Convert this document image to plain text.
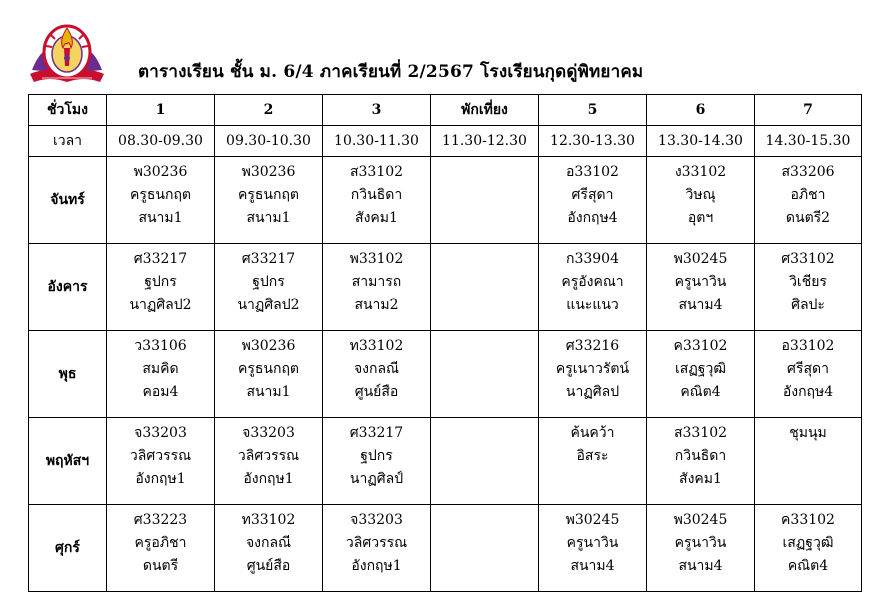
ตารางเรียน ชั้น ม. 6/4 ภาคเรียนที่ 2/2567 โรงเรียนกุดดู่พิทยาคม
ชั่วโมง	1	2	3	พักเที่ยง	5	6	7
เวลา	08.30-09.30	09.30-10.30	10.30-11.30	11.30-12.30	12.30-13.30	13.30-14.30	14.30-15.30
จันทร์	พ30236
ครูธนกฤต
สนาม1	พ30236
ครูธนกฤต
สนาม1	ส33102
กวินธิดา
สังคม1		อ33102
ศรีสุดา
อังกฤษ4	ง33102
วิษณุ
อุตฯ	ส33206
อภิชา
ดนตรี2

อังคาร	ศ33217
ฐปกร
นาฏศิลป2	ศ33217
ฐปกร
นาฏศิลป2	พ33102
สามารถ
สนาม2		ก33904
ครูอังคณา
แนะแนว	พ30245
ครูนาวิน
สนาม4	ศ33102
วิเชียร
ศิลปะ

พุธ	ว33106
สมคิด
คอม4	พ30236
ครูธนกฤต
สนาม1	ท33102
จงกลณี
ศูนย์สือ		ศ33216
ครูเนาวรัตน์
นาฏศิลป	ค33102
เสฏฐวุฒิ
คณิต4	อ33102
ศรีสุดา
อังกฤษ4

พฤหัสฯ	จ33203
วลิศวรรณ
อังกฤษ1	จ33203
วลิศวรรณ
อังกฤษ1	ศ33217
ฐปกร
นาฏศิลป์		ค้นคว้า
อิสระ	ส33102
กวินธิดา
สังคม1	ชุมนุม

ศุกร์	ศ33223
ครูอภิชา
ดนตรี	ท33102
จงกลณี
ศูนย์สือ	จ33203
วลิศวรรณ
อังกฤษ1		พ30245
ครูนาวิน
สนาม4	พ30245
ครูนาวิน
สนาม4	ค33102
เสฏฐวุฒิ
คณิต4
